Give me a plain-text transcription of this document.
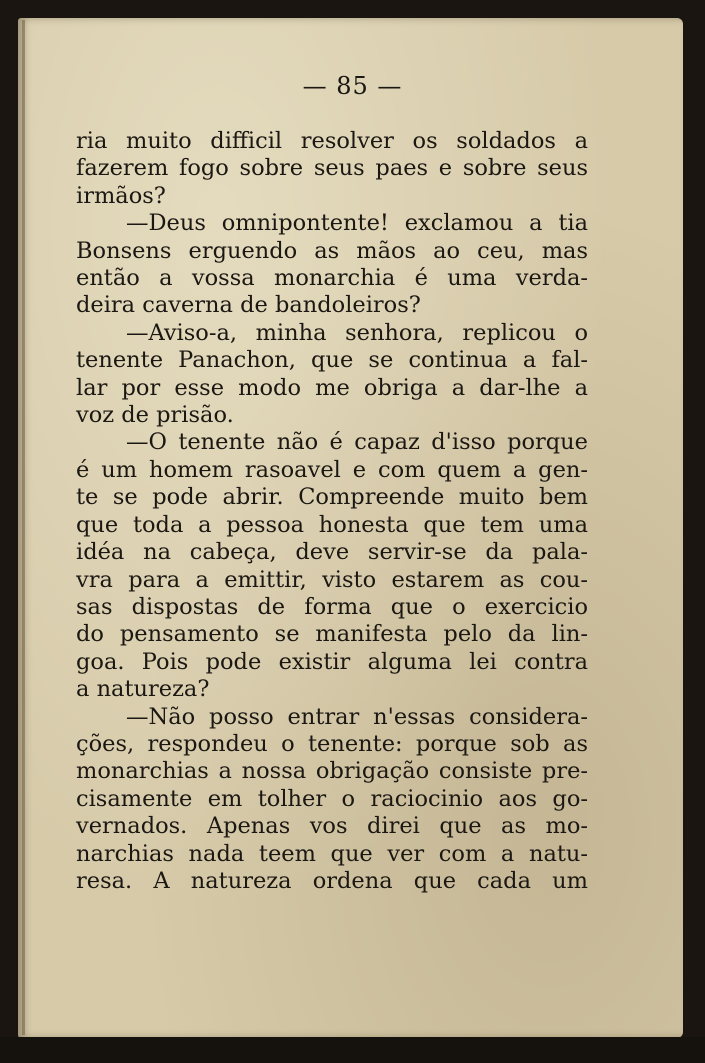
— 85 —
ria muito difficil resolver os soldados a
fazerem fogo sobre seus paes e sobre seus
irmãos?
—Deus omnipontente! exclamou a tia
Bonsens erguendo as mãos ao ceu, mas
então a vossa monarchia é uma verda-
deira caverna de bandoleiros?
—Aviso-a, minha senhora, replicou o
tenente Panachon, que se continua a fal-
lar por esse modo me obriga a dar-lhe a
voz de prisão.
—O tenente não é capaz d'isso porque
é um homem rasoavel e com quem a gen-
te se pode abrir. Compreende muito bem
que toda a pessoa honesta que tem uma
idéa na cabeça, deve servir-se da pala-
vra para a emittir, visto estarem as cou-
sas dispostas de forma que o exercicio
do pensamento se manifesta pelo da lin-
goa. Pois pode existir alguma lei contra
a natureza?
—Não posso entrar n'essas considera-
ções, respondeu o tenente: porque sob as
monarchias a nossa obrigação consiste pre-
cisamente em tolher o raciocinio aos go-
vernados. Apenas vos direi que as mo-
narchias nada teem que ver com a natu-
resa. A natureza ordena que cada um
